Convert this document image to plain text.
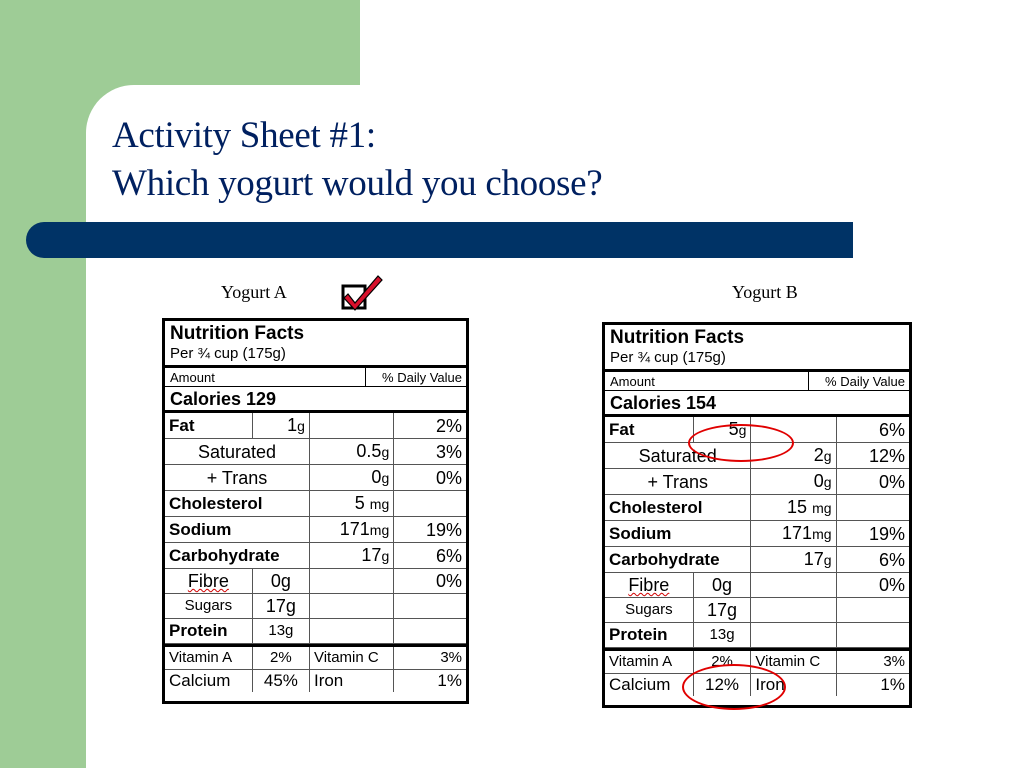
Activity Sheet #1:
Which yogurt would you choose?
Yogurt A	Yogurt B
Nutrition Facts
Per ¾ cup (175g)
Amount	% Daily Value
Calories 129
Fat	1g		2%
Saturated		0.5g	3%
+ Trans		0g	0%
Cholesterol		5 mg	
Sodium		171mg	19%
Carbohydrate		17g	6%
Fibre	0g		0%
Sugars	17g		
Protein	13g		
Vitamin A	2%	Vitamin C	3%
Calcium	45%	Iron	1%
Nutrition Facts
Per ¾ cup (175g)
Amount	% Daily Value
Calories 154
Fat	5g		6%
Saturated		2g	12%
+ Trans		0g	0%
Cholesterol		15 mg	
Sodium		171mg	19%
Carbohydrate		17g	6%
Fibre	0g		0%
Sugars	17g		
Protein	13g		
Vitamin A	2%	Vitamin C	3%
Calcium	12%	Iron	1%
